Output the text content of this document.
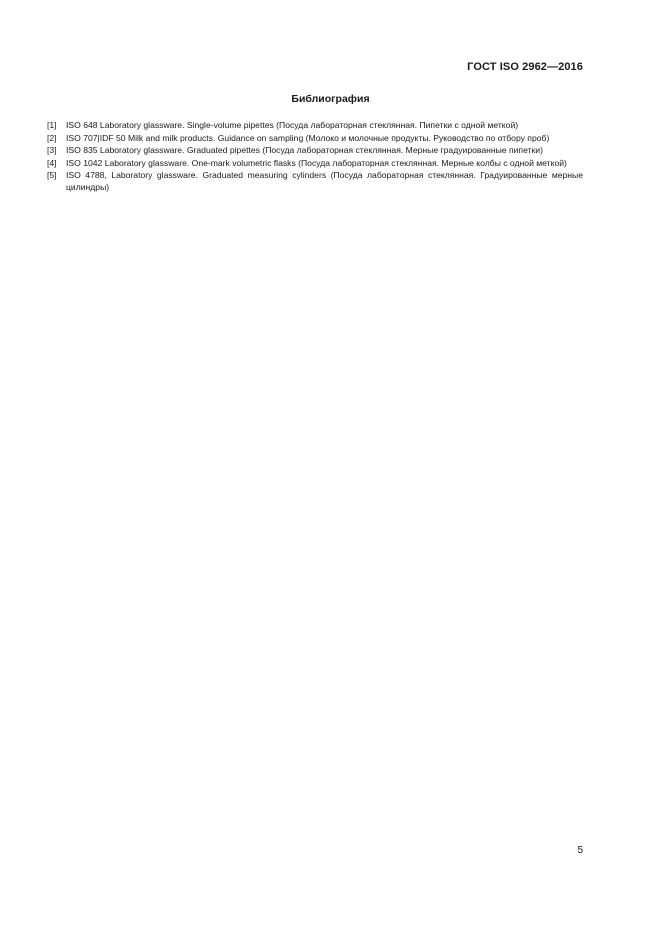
ГОСТ ISO 2962—2016
Библиография
[1]	ISO 648 Laboratory glassware. Single-volume pipettes (Посуда лабораторная стеклянная. Пипетки с одной меткой)
[2]	ISO 707|IDF 50 Milk and milk products. Guidance on sampling (Молоко и молочные продукты. Руководство по отбору проб)
[3]	ISO 835 Laboratory glassware. Graduated pipettes (Посуда лабораторная стеклянная. Мерные градуированные пипетки)
[4]	ISO 1042 Laboratory glassware. One-mark volumetric flasks (Посуда лабораторная стеклянная. Мерные колбы с одной меткой)
[5]	ISO 4788, Laboratory glassware. Graduated measuring cylinders (Посуда лабораторная стеклянная. Градуированные мерные цилиндры)
5
